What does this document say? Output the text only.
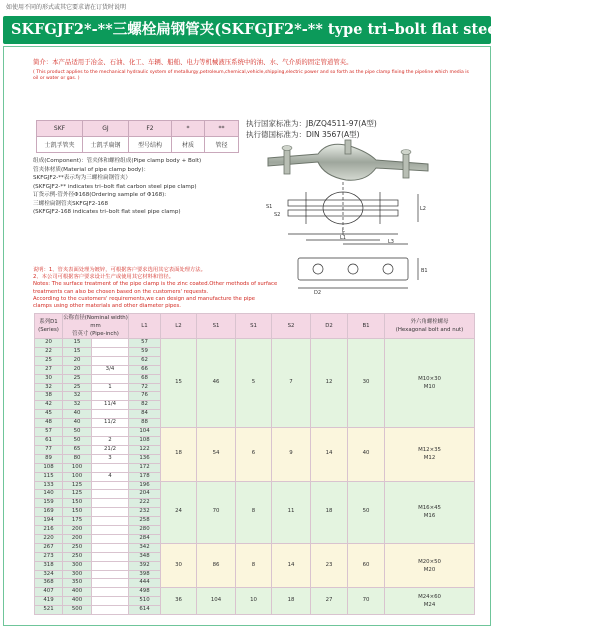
如使用不同的形式或其它要求请在订货时说明
SKFGJF2*-**三螺栓扁钢管夹(SKFGJF2*-** type tri–bolt flat steel pipe clamp)
简介：本产品适用于冶金、石油、化工、车辆、船舶、电力等机械液压系统中的油、水、气介质的固定管道管夹。
( This product applies to the mechanical hydraulic system of metallurgy,petroleum,chemical,vehicle,shipping,electric power and so forth as the pipe clamp fixing the pipeline which media is oil or water or gas. )
SKF	GJ	F2	*	**
士凯孚管夹	士凯孚扁钢	型号结构	材质	管径
执行国家标准为：JB/ZQ4511-97(A型)
执行德国标准为：DIN 3567(A型)
组成(Component)：管夹体和螺栓组成(Pipe clamp body + Bolt)
管夹体材质(Material of pipe clamp body)：
SKFGJF2-**表示均为三螺栓扁钢管夹）
(SKFGJF2-** indicates tri–bolt flat carbon steel pipe clamp)
订货示例-管外径Φ168(Ordering sample of Φ168):
三螺栓扁钢管夹SKFGJF2-168
(SKFGJF2-168 indicates tri–bolt flat steel pipe clamp)
S1
S2
L
L1
L3
L2
D2
B1
说明：1、管夹表面处理为镀锌，可根据客户要求选用其它表面处理方法。
2、本公司可根据客户要求设计生产或使用其它材料和管径。
Notes: The surface treatment of the pipe clamp is the zinc coated.Other methods of surface
treatments can also be chosen based on the customers' requests.
According to the customers' requirements,we can design and manufacture the pipe
clamps using other materials and other diameter pipes.
系列D1
(Series)	公称直径(Nominal width)
mm
管英寸 (Pipe-inch)		L1	L2	S1	S1	S2	D2	B1	外六角螺栓螺母
(Hexagonal bolt and nut)

20	15		57	15	46	5	7	12	30	M10×30
M10

22	15		59							
25	20		62							
27	20	3/4	66							
30	25		68							
32	25	1	72							
38	32		76							
42	32	11/4	82							
45	40		84							
48	40	11/2	88							
57	50		104	18	54	6	9	14	40	M12×35
M12

61	50	2	108							
77	65	21/2	122							
89	80	3	136							
108	100		172							
115	100	4	178							
133	125		196	24	70	8	11	18	50	M16×45
M16

140	125		204							
159	150		222							
169	150		232							
194	175		258							
216	200		280							
220	200		284							
267	250		342	30	86	8	14	23	60	M20×50
M20

273	250		348							
318	300		392							
324	300		398							
368	350		444							
407	400		498	36	104	10	18	27	70	M24×60
M24

419	400		510							
521	500		614							
